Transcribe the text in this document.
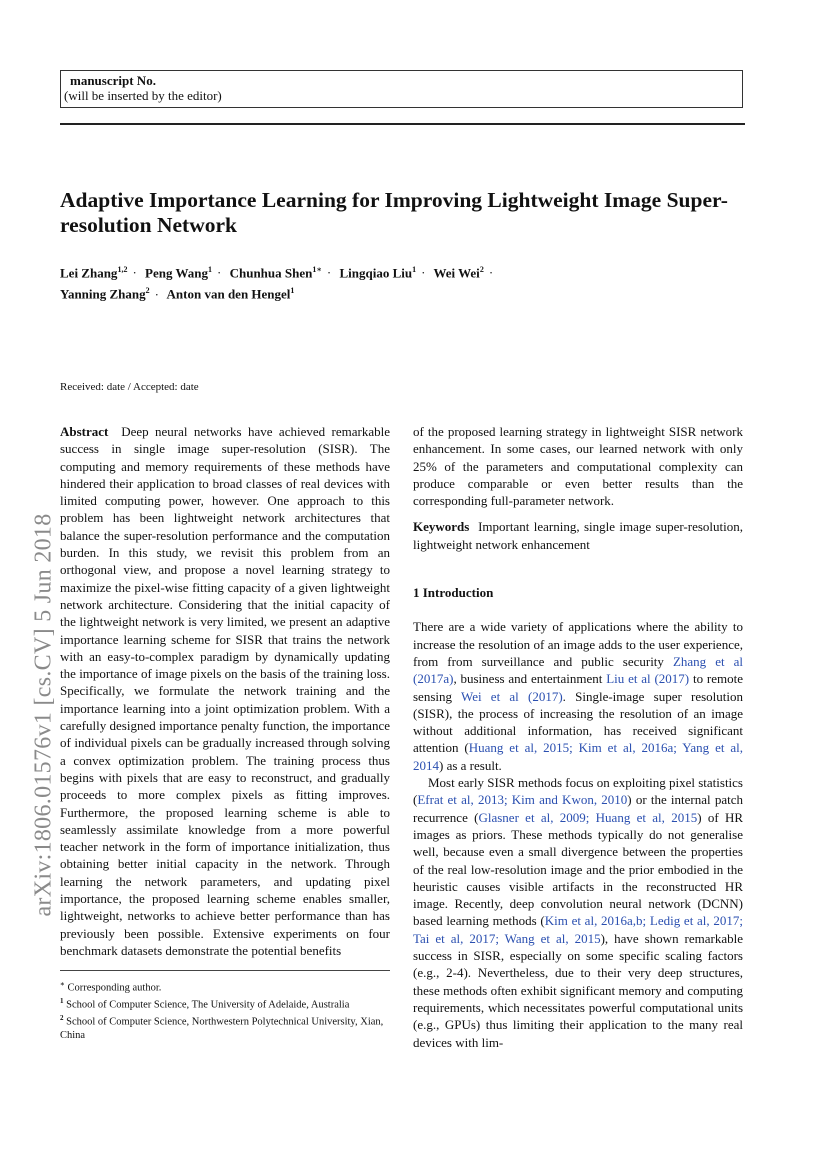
manuscript No.
(will be inserted by the editor)
Adaptive Importance Learning for Improving Lightweight Image Super-resolution Network
Lei Zhang$^{1,2}$ · Peng Wang$^1$ · Chunhua Shen$^{1∗}$ · Lingqiao Liu$^1$ · Wei Wei$^2$ ·
Yanning Zhang$^2$ · Anton van den Hengel$^1$
arXiv:1806.01576v1 [cs.CV] 5 Jun 2018
Received: date / Accepted: date

Abstract Deep neural networks have achieved remarkable success in single image super-resolution (SISR). The computing and memory requirements of these methods have hindered their application to broad classes of real devices with limited computing power, however. One approach to this problem has been lightweight network architectures that balance the super-resolution performance and the computation burden. In this study, we revisit this problem from an orthogonal view, and propose a novel learning strategy to maximize the pixel-wise fitting capacity of a given lightweight network architecture. Considering that the initial capacity of the lightweight network is very limited, we present an adaptive importance learning scheme for SISR that trains the network with an easy-to-complex paradigm by dynamically updating the importance of image pixels on the basis of the training loss. Specifically, we formulate the network training and the importance learning into a joint optimization problem. With a carefully designed importance penalty function, the importance of individual pixels can be gradually increased through solving a convex optimization problem. The training process thus begins with pixels that are easy to reconstruct, and gradually proceeds to more complex pixels as fitting improves. Furthermore, the proposed learning scheme is able to seamlessly assimilate knowledge from a more powerful teacher network in the form of importance initialization, thus obtaining better initial capacity in the network. Through learning the network parameters, and updating pixel importance, the proposed learning scheme enables smaller, lightweight, networks to achieve better performance than has previously been possible. Extensive experiments on four benchmark datasets demonstrate the potential benefits

∗ Corresponding author.

$^1$ School of Computer Science, The University of Adelaide, Australia

$^2$ School of Computer Science, Northwestern Polytechnical University, Xian, China

of the proposed learning strategy in lightweight SISR network enhancement. In some cases, our learned network with only 25% of the parameters and computational complexity can produce comparable or even better results than the corresponding full-parameter network.

Keywords Important learning, single image super-resolution, lightweight network enhancement

1 Introduction

There are a wide variety of applications where the ability to increase the resolution of an image adds to the user experience, from from surveillance and public security Zhang et al (2017a), business and entertainment Liu et al (2017) to remote sensing Wei et al (2017). Single-image super resolution (SISR), the process of increasing the resolution of an image without additional information, has received significant attention (Huang et al, 2015; Kim et al, 2016a; Yang et al, 2014) as a result.

Most early SISR methods focus on exploiting pixel statistics (Efrat et al, 2013; Kim and Kwon, 2010) or the internal patch recurrence (Glasner et al, 2009; Huang et al, 2015) of HR images as priors. These methods typically do not generalise well, because even a small divergence between the properties of the real low-resolution image and the prior embodied in the heuristic causes visible artifacts in the reconstructed HR image. Recently, deep convolution neural network (DCNN) based learning methods (Kim et al, 2016a,b; Ledig et al, 2017; Tai et al, 2017; Wang et al, 2015), have shown remarkable success in SISR, especially on some specific scaling factors (e.g., 2-4). Nevertheless, due to their very deep structures, these methods often exhibit significant memory and computing requirements, which necessitates powerful computational units (e.g., GPUs) thus limiting their application to the many real devices with lim-
